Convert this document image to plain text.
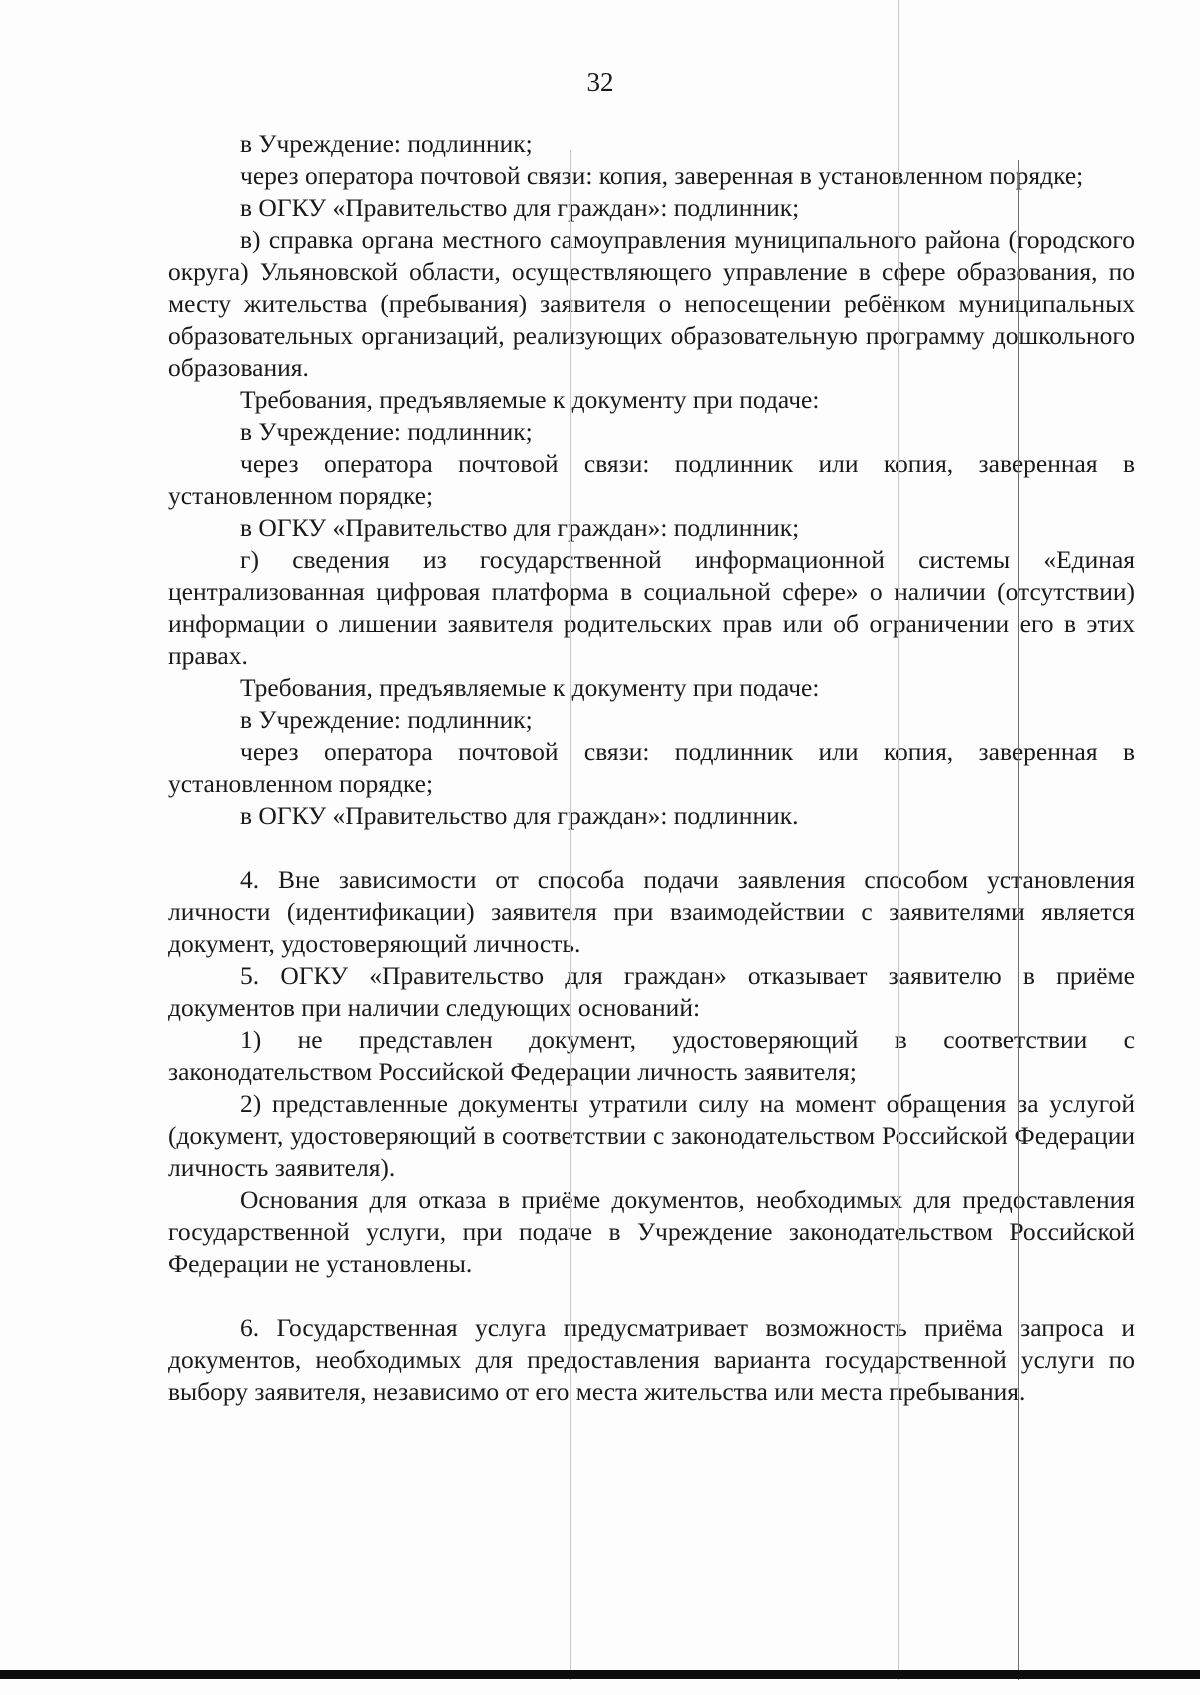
32

в Учреждение: подлинник;

через оператора почтовой связи: копия, заверенная в установленном порядке;

в ОГКУ «Правительство для граждан»: подлинник;

в) справка органа местного самоуправления муниципального района (городского округа) Ульяновской области, осуществляющего управление в сфере образования, по месту жительства (пребывания) заявителя о непосещении ребёнком муниципальных образовательных организаций, реализующих образовательную программу дошкольного образования.

Требования, предъявляемые к документу при подаче:

в Учреждение: подлинник;

через оператора почтовой связи: подлинник или копия, заверенная в установленном порядке;

в ОГКУ «Правительство для граждан»: подлинник;

г) сведения из государственной информационной системы «Единая централизованная цифровая платформа в социальной сфере» о наличии (отсутствии) информации о лишении заявителя родительских прав или об ограничении его в этих правах.

Требования, предъявляемые к документу при подаче:

в Учреждение: подлинник;

через оператора почтовой связи: подлинник или копия, заверенная в установленном порядке;

в ОГКУ «Правительство для граждан»: подлинник.

4. Вне зависимости от способа подачи заявления способом установления личности (идентификации) заявителя при взаимодействии с заявителями является документ, удостоверяющий личность.

5. ОГКУ «Правительство для граждан» отказывает заявителю в приёме документов при наличии следующих оснований:

1) не представлен документ, удостоверяющий в соответствии с законодательством Российской Федерации личность заявителя;

2) представленные документы утратили силу на момент обращения за услугой (документ, удостоверяющий в соответствии с законодательством Российской Федерации личность заявителя).

Основания для отказа в приёме документов, необходимых для предоставления государственной услуги, при подаче в Учреждение законодательством Российской Федерации не установлены.

6. Государственная услуга предусматривает возможность приёма запроса и документов, необходимых для предоставления варианта государственной услуги по выбору заявителя, независимо от его места жительства или места пребывания.
